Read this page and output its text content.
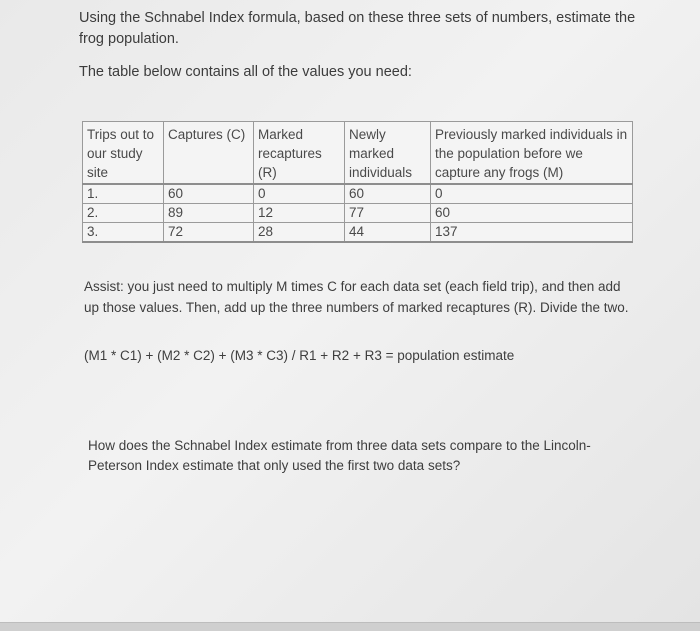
Using the Schnabel Index formula, based on these three sets of numbers, estimate the frog population.
The table below contains all of the values you need:
Trips out to our study site	Captures (C)	Marked recaptures (R)	Newly marked individuals	Previously marked individuals in the population before we capture any frogs (M)
1.	60	0	60	0
2.	89	12	77	60
3.	72	28	44	137
Assist: you just need to multiply M times C for each data set (each field trip), and then add up those values. Then, add up the three numbers of marked recaptures (R). Divide the two.
(M1 * C1) + (M2 * C2) + (M3 * C3) / R1 + R2 + R3 = population estimate
How does the Schnabel Index estimate from three data sets compare to the Lincoln-Peterson Index estimate that only used the first two data sets?
